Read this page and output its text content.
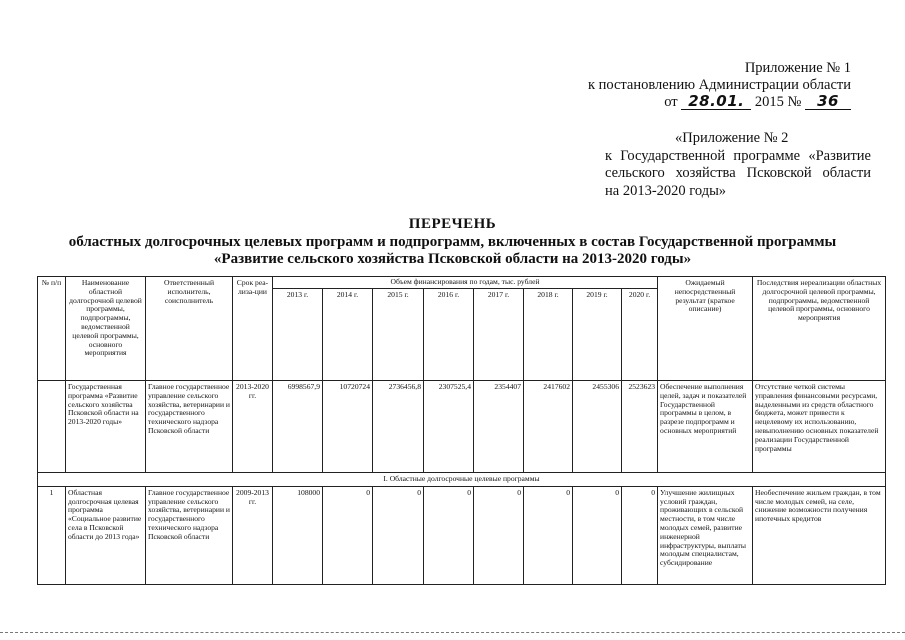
Приложение № 1
к постановлению Администрации области
от 28.01. 2015 № 36
«Приложение № 2
к Государственной программе «Развитие
сельского хозяйства Псковской области
на 2013-2020 годы»
ПЕРЕЧЕНЬ
областных долгосрочных целевых программ и подпрограмм, включенных в состав Государственной программы
«Развитие сельского хозяйства Псковской области на 2013-2020 годы»
№ п/п	Наименование областной долгосрочной целевой программы, подпрограммы, ведомственной целевой программы, основного мероприятия	Ответственный исполнитель, соисполнитель	Срок реа-лиза-ции	Объем финансирования по годам, тыс. рублей								Ожидаемый непосредственный результат (краткое описание)	Последствия нереализации областных долгосрочной целевой программы, подпрограммы, ведомственной целевой программы, основного мероприятия
				2013 г.	2014 г.	2015 г.	2016 г.	2017 г.	2018 г.	2019 г.	2020 г.		
	Государственная программа «Развитие сельского хозяйства Псковской области на 2013-2020 годы»	Главное государственное управление сельского хозяйства, ветеринарии и государственного технического надзора Псковской области	2013-2020 гг.	6998567,9	10720724	2736456,8	2307525,4	2354407	2417602	2455306	2523623	Обеспечение выполнения целей, задач и показателей Государственной программы в целом, в разрезе подпрограмм и основных мероприятий	Отсутствие четкой системы управления финансовыми ресурсами, выделенными из средств областного бюджета, может привести к нецелевому их использованию, невыполнению основных показателей реализации Государственной программы
I. Областные долгосрочные целевые программы													
1	Областная долгосрочная целевая программа «Социальное развитие села в Псковской области до 2013 года»	Главное государственное управление сельского хозяйства, ветеринарии и государственного технического надзора Псковской области	2009-2013 гг.	108000	0	0	0	0	0	0	0	Улучшение жилищных условий граждан, проживающих в сельской местности, в том числе молодых семей, развитие инженерной инфраструктуры, выплаты молодым специалистам, субсидирование	Необеспечение жильем граждан, в том числе молодых семей, на селе, снижение возможности получения ипотечных кредитов
